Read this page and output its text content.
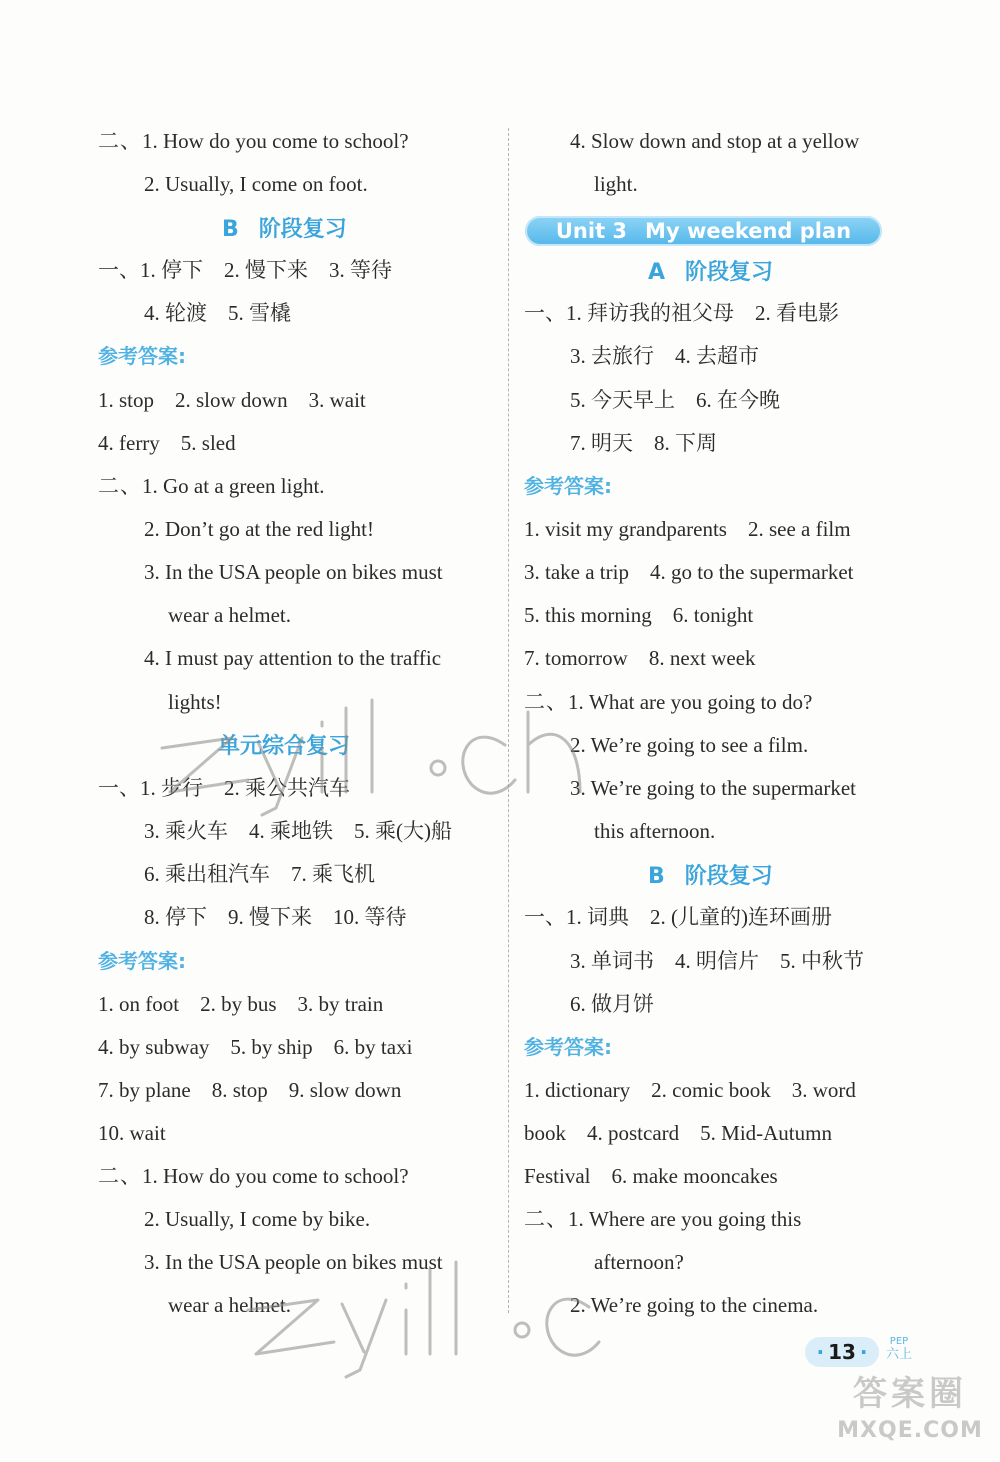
二、1. How do you come to school?
2. Usually, I come on foot.
B 阶段复习
一、1. 停下　2. 慢下来　3. 等待
4. 轮渡　5. 雪橇
参考答案:
1. stop　2. slow down　3. wait
4. ferry　5. sled
二、1. Go at a green light.
2. Don’t go at the red light!
3. In the USA people on bikes must
wear a helmet.
4. I must pay attention to the traffic
lights!
单元综合复习
一、1. 步行　2. 乘公共汽车
3. 乘火车　4. 乘地铁　5. 乘(大)船
6. 乘出租汽车　7. 乘飞机
8. 停下　9. 慢下来　10. 等待
参考答案:
1. on foot　2. by bus　3. by train
4. by subway　5. by ship　6. by taxi
7. by plane　8. stop　9. slow down
10. wait
二、1. How do you come to school?
2. Usually, I come by bike.
3. In the USA people on bikes must
wear a helmet.
4. Slow down and stop at a yellow
light.
A 阶段复习
一、1. 拜访我的祖父母　2. 看电影
3. 去旅行　4. 去超市
5. 今天早上　6. 在今晚
7. 明天　8. 下周
参考答案:
1. visit my grandparents　2. see a film
3. take a trip　4. go to the supermarket
5. this morning　6. tonight
7. tomorrow　8. next week
二、1. What are you going to do?
2. We’re going to see a film.
3. We’re going to the supermarket
this afternoon.
B 阶段复习
一、1. 词典　2. (儿童的)连环画册
3. 单词书　4. 明信片　5. 中秋节
6. 做月饼
参考答案:
1. dictionary　2. comic book　3. word
book　4. postcard　5. Mid-Autumn
Festival　6. make mooncakes
二、1. Where are you going this
afternoon?
2. We’re going to the cinema.
Unit 3 My weekend plan
· 13 ·	PEP
六上
答案圈
MXQE.COM
